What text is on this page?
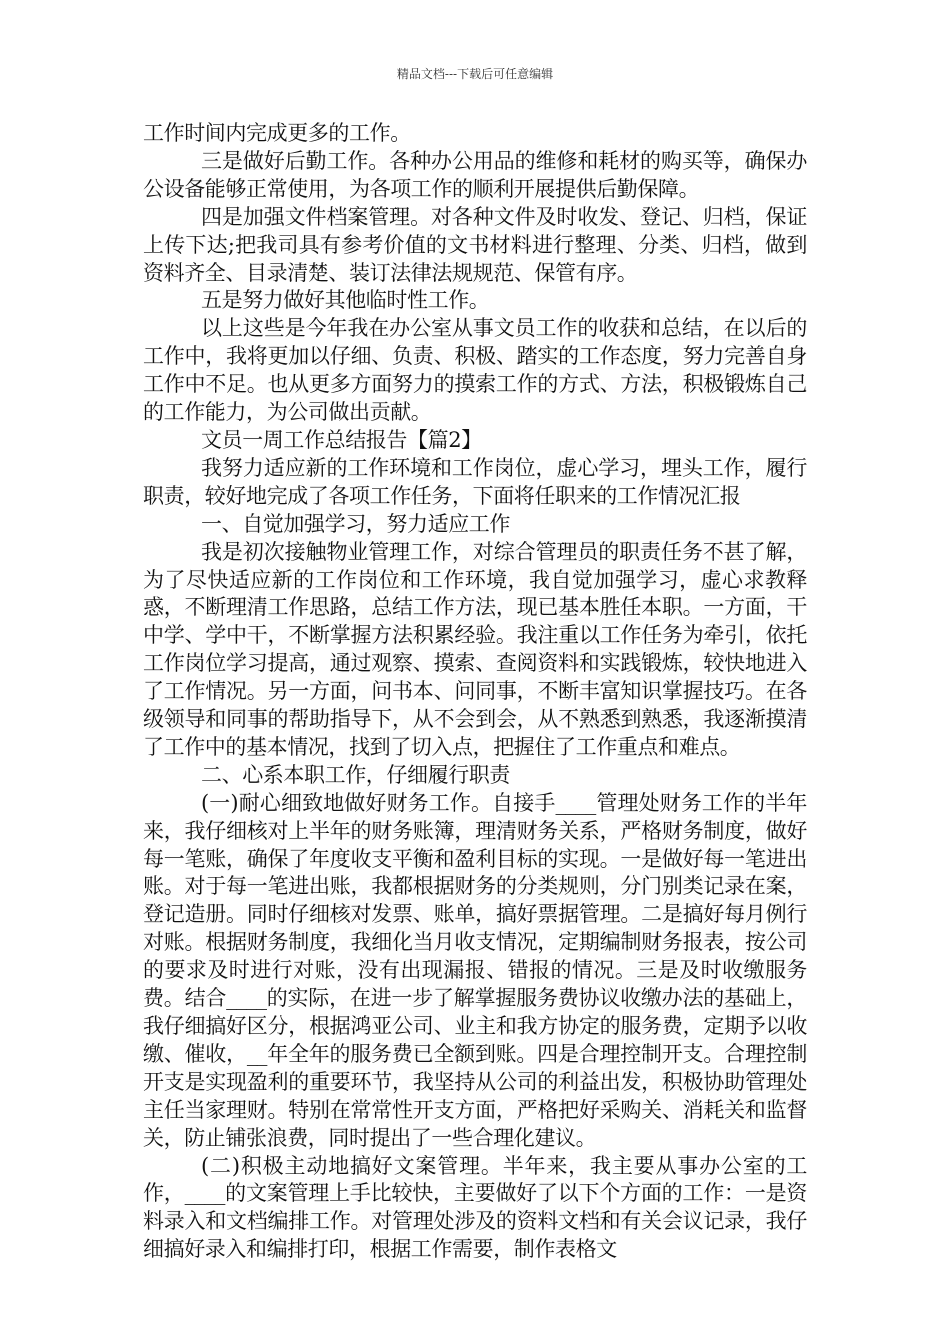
精品文档---下载后可任意编辑

工作时间内完成更多的工作。

三是做好后勤工作。各种办公用品的维修和耗材的购买等，确保办公设备能够正常使用，为各项工作的顺利开展提供后勤保障。

四是加强文件档案管理。对各种文件及时收发、登记、归档，保证上传下达;把我司具有参考价值的文书材料进行整理、分类、归档，做到资料齐全、目录清楚、装订法律法规规范、保管有序。

五是努力做好其他临时性工作。

以上这些是今年我在办公室从事文员工作的收获和总结，在以后的工作中，我将更加以仔细、负责、积极、踏实的工作态度，努力完善自身工作中不足。也从更多方面努力的摸索工作的方式、方法，积极锻炼自己的工作能力，为公司做出贡献。

文员一周工作总结报告【篇2】

我努力适应新的工作环境和工作岗位，虚心学习，埋头工作，履行职责，较好地完成了各项工作任务，下面将任职来的工作情况汇报

一、自觉加强学习，努力适应工作

我是初次接触物业管理工作，对综合管理员的职责任务不甚了解，为了尽快适应新的工作岗位和工作环境，我自觉加强学习，虚心求教释惑，不断理清工作思路，总结工作方法，现已基本胜任本职。一方面，干中学、学中干，不断掌握方法积累经验。我注重以工作任务为牵引，依托工作岗位学习提高，通过观察、摸索、查阅资料和实践锻炼，较快地进入了工作情况。另一方面，问书本、问同事，不断丰富知识掌握技巧。在各级领导和同事的帮助指导下，从不会到会，从不熟悉到熟悉，我逐渐摸清了工作中的基本情况，找到了切入点，把握住了工作重点和难点。

二、心系本职工作，仔细履行职责

(一)耐心细致地做好财务工作。自接手____管理处财务工作的半年来，我仔细核对上半年的财务账簿，理清财务关系，严格财务制度，做好每一笔账，确保了年度收支平衡和盈利目标的实现。一是做好每一笔进出账。对于每一笔进出账，我都根据财务的分类规则，分门别类记录在案，登记造册。同时仔细核对发票、账单，搞好票据管理。二是搞好每月例行对账。根据财务制度，我细化当月收支情况，定期编制财务报表，按公司的要求及时进行对账，没有出现漏报、错报的情况。三是及时收缴服务费。结合____的实际，在进一步了解掌握服务费协议收缴办法的基础上，我仔细搞好区分，根据鸿亚公司、业主和我方协定的服务费，定期予以收缴、催收，__年全年的服务费已全额到账。四是合理控制开支。合理控制开支是实现盈利的重要环节，我坚持从公司的利益出发，积极协助管理处主任当家理财。特别在常常性开支方面，严格把好采购关、消耗关和监督关，防止铺张浪费，同时提出了一些合理化建议。

(二)积极主动地搞好文案管理。半年来，我主要从事办公室的工作，____的文案管理上手比较快，主要做好了以下个方面的工作：一是资料录入和文档编排工作。对管理处涉及的资料文档和有关会议记录，我仔细搞好录入和编排打印，根据工作需要，制作表格文
